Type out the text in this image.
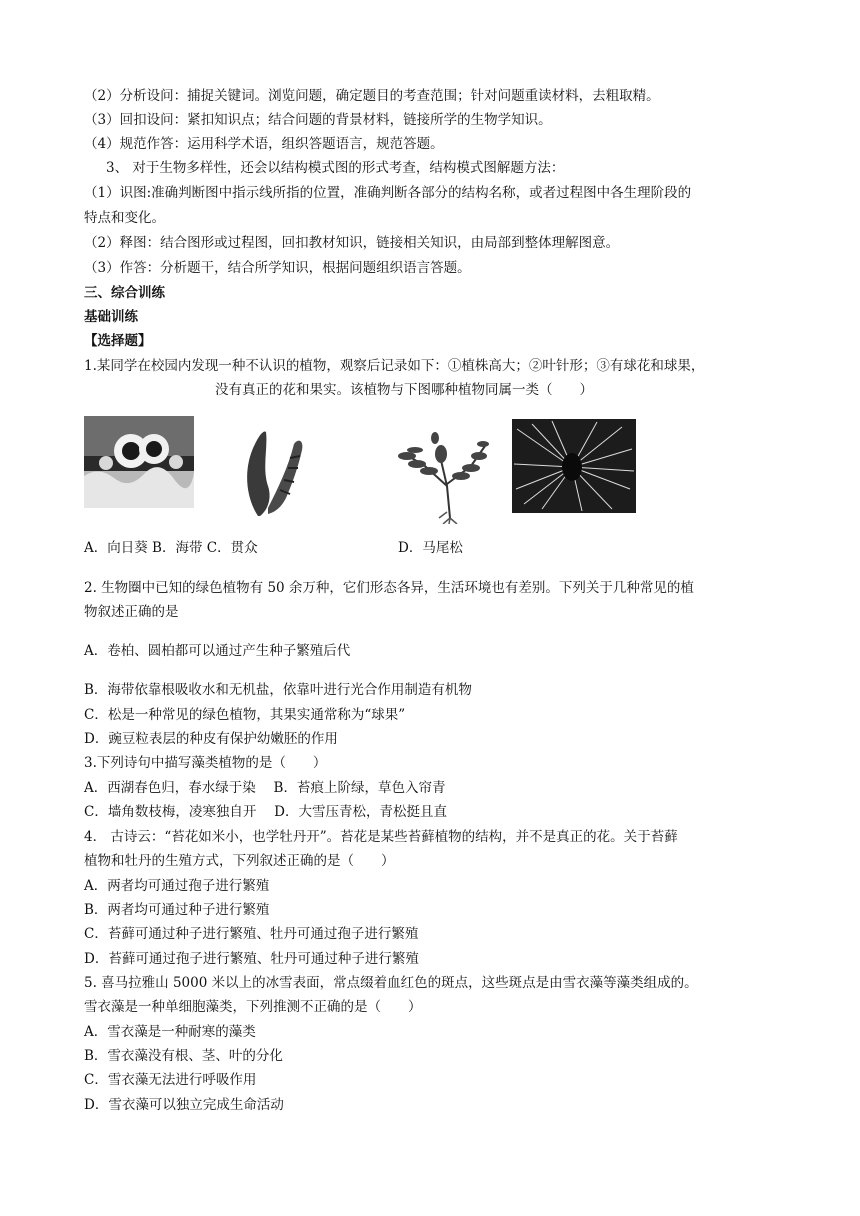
（2）分析设问：捕捉关键词。浏览问题，确定题目的考查范围；针对问题重读材料，去粗取精。
（3）回扣设问：紧扣知识点；结合问题的背景材料，链接所学的生物学知识。
（4）规范作答：运用科学术语，组织答题语言，规范答题。
3、 对于生物多样性，还会以结构模式图的形式考查，结构模式图解题方法：
（1）识图:准确判断图中指示线所指的位置，准确判断各部分的结构名称，或者过程图中各生理阶段的
特点和变化。
（2）释图：结合图形或过程图，回扣教材知识，链接相关知识，由局部到整体理解图意。
（3）作答：分析题干，结合所学知识，根据问题组织语言答题。
三、综合训练
基础训练
【选择题】
1.某同学在校园内发现一种不认识的植物，观察后记录如下：①植株高大；②叶针形；③有球花和球果，
没有真正的花和果实。该植物与下图哪种植物同属一类（　　）
A．向日葵 B．海带 C．贯众	D．马尾松
2. 生物圈中已知的绿色植物有 50 余万种，它们形态各异，生活环境也有差别。下列关于几种常见的植
物叙述正确的是
A．卷柏、圆柏都可以通过产生种子繁殖后代
B．海带依靠根吸收水和无机盐，依靠叶进行光合作用制造有机物
C．松是一种常见的绿色植物，其果实通常称为“球果”
D．豌豆粒表层的种皮有保护幼嫩胚的作用
3.下列诗句中描写藻类植物的是（　　）
A．西湖春色归，春水绿于染　 B．苔痕上阶绿，草色入帘青
C．墙角数枝梅，凌寒独自开　 D．大雪压青松，青松挺且直
4． 古诗云：“苔花如米小，也学牡丹开”。苔花是某些苔藓植物的结构，并不是真正的花。关于苔藓
植物和牡丹的生殖方式，下列叙述正确的是（　　）
A．两者均可通过孢子进行繁殖
B．两者均可通过种子进行繁殖
C．苔藓可通过种子进行繁殖、牡丹可通过孢子进行繁殖
D．苔藓可通过孢子进行繁殖、牡丹可通过种子进行繁殖
5. 喜马拉雅山 5000 米以上的冰雪表面，常点缀着血红色的斑点，这些斑点是由雪衣藻等藻类组成的。
雪衣藻是一种单细胞藻类，下列推测不正确的是（　　）
A．雪衣藻是一种耐寒的藻类
B．雪衣藻没有根、茎、叶的分化
C．雪衣藻无法进行呼吸作用
D．雪衣藻可以独立完成生命活动
